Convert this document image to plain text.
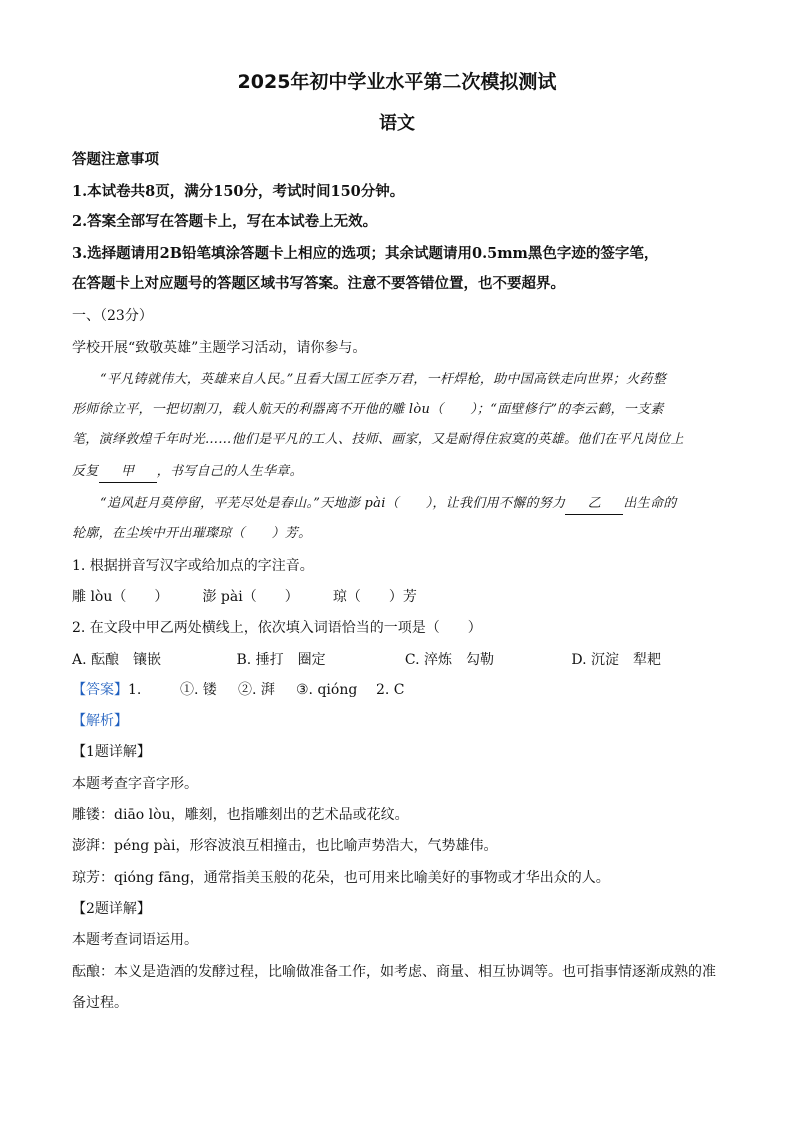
2025年初中学业水平第二次模拟测试
语文
答题注意事项
1.本试卷共8页，满分150分，考试时间150分钟。
2.答案全部写在答题卡上，写在本试卷上无效。
3.选择题请用2B铅笔填涂答题卡上相应的选项；其余试题请用0.5mm黑色字迹的签字笔，
在答题卡上对应题号的答题区域书写答案。注意不要答错位置，也不要超界。
一、（23分）
学校开展“致敬英雄”主题学习活动，请你参与。
“平凡铸就伟大，英雄来自人民。”且看大国工匠李万君，一杆焊枪，助中国高铁走向世界；火药整
形师徐立平，一把切割刀，载人航天的利器离不开他的雕 lòu（　　）；“面壁修行”的李云鹤，一支素
笔，演绎敦煌千年时光……他们是平凡的工人、技师、画家，又是耐得住寂寞的英雄。他们在平凡岗位上
反复 甲 ，书写自己的人生华章。
“追风赶月莫停留，平芜尽处是春山。”天地澎 pài（　　），让我们用不懈的努力 乙 出生命的
轮廓，在尘埃中开出璀璨琼（　　）芳。
1. 根据拼音写汉字或给加点的字注音。
雕 lòu（　　） 澎 pài（　　） 琼（　　）芳
2. 在文段中甲乙两处横线上，依次填入词语恰当的一项是（　　）
A. 酝酿　镶嵌	B. 捶打　圈定	C. 淬炼　勾勒	D. 沉淀　犁耙
【答案】1.	①. 镂 ②. 湃 ③. qióng 2. C
【解析】
【1题详解】
本题考查字音字形。
雕镂：diāo lòu，雕刻，也指雕刻出的艺术品或花纹。
澎湃：péng pài，形容波浪互相撞击，也比喻声势浩大，气势雄伟。
琼芳：qióng fāng，通常指美玉般的花朵，也可用来比喻美好的事物或才华出众的人。
【2题详解】
本题考查词语运用。
酝酿：本义是造酒的发酵过程，比喻做准备工作，如考虑、商量、相互协调等。也可指事情逐渐成熟的准
备过程。
